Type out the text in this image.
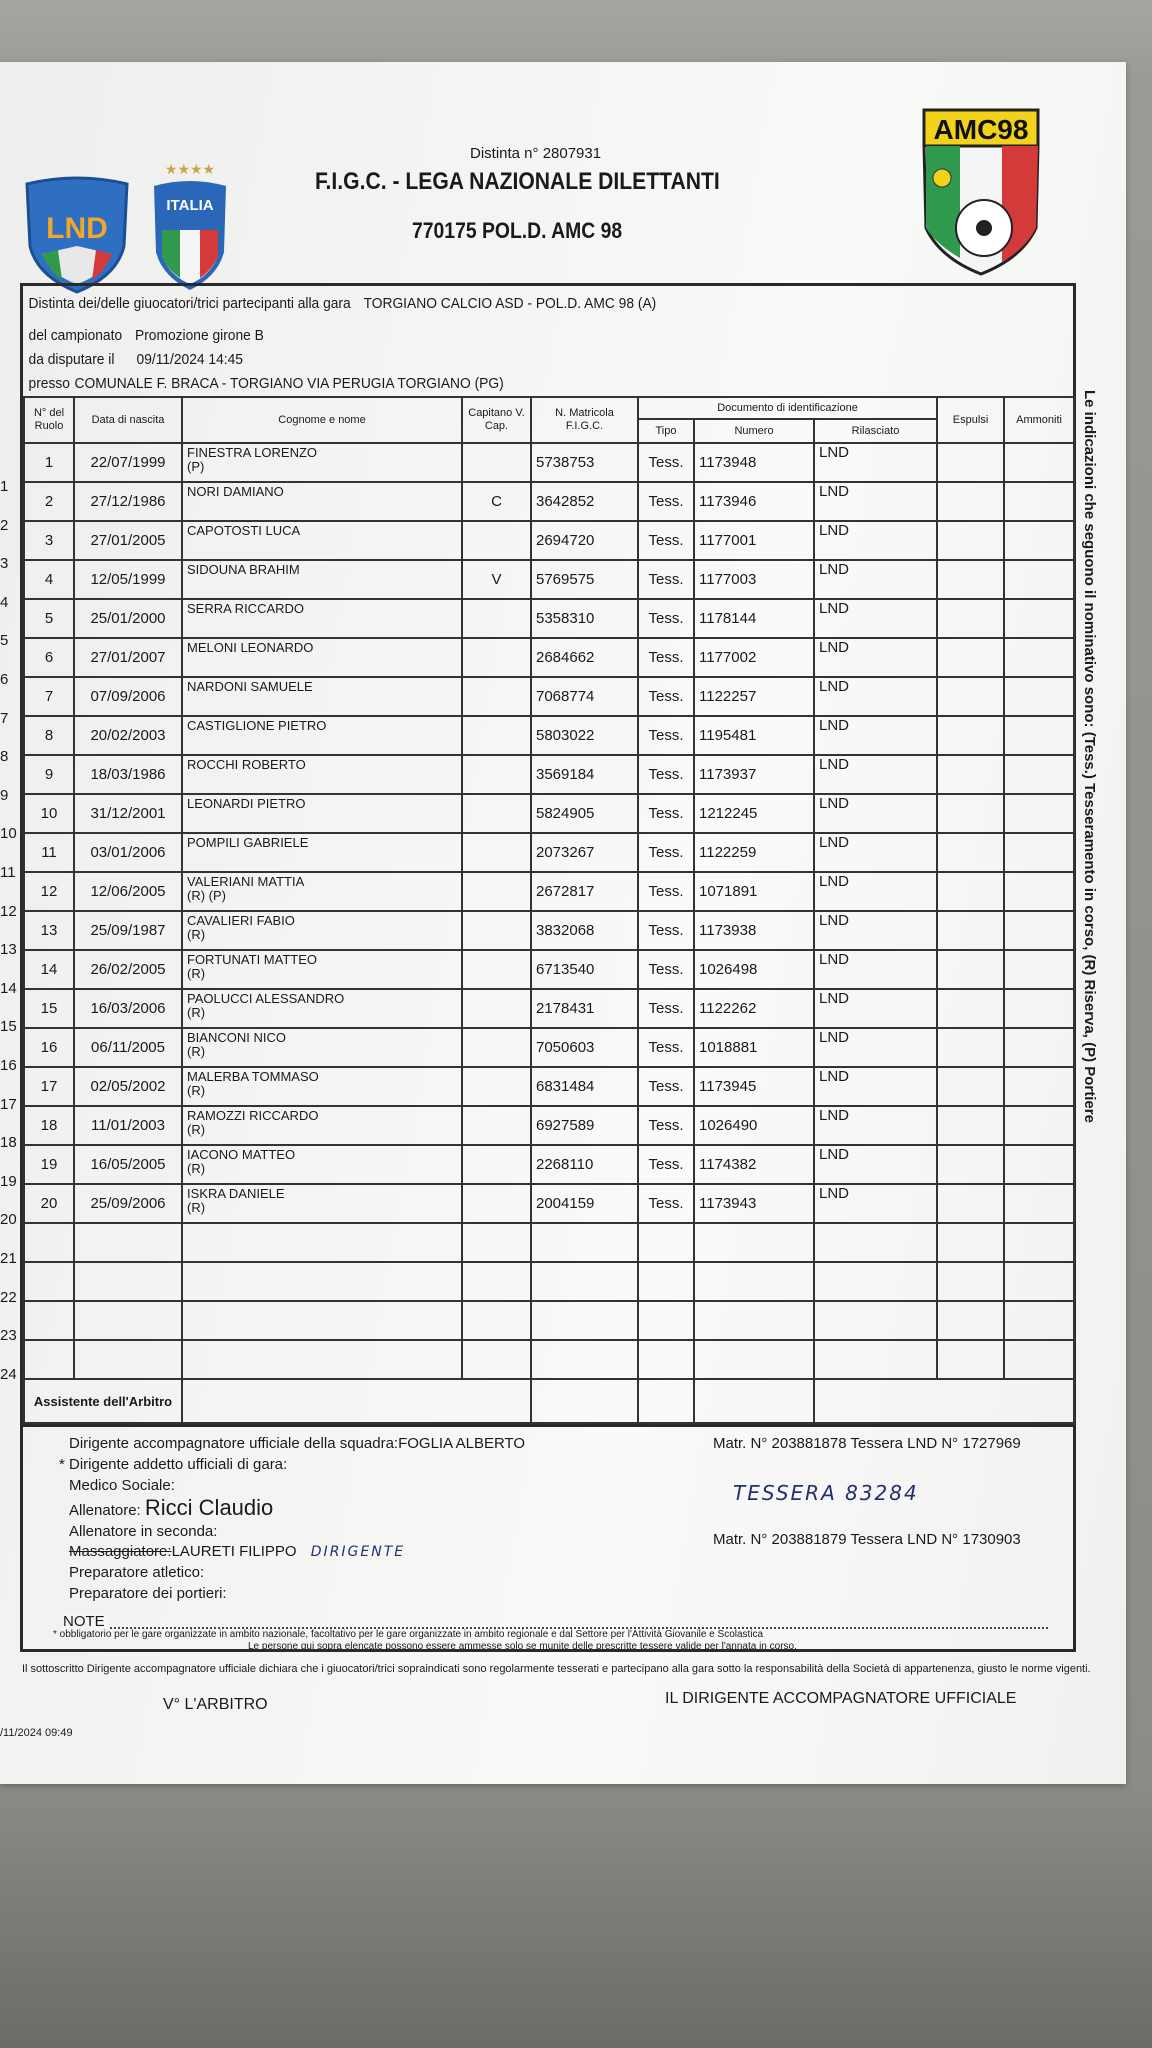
LND
★★★★
ITALIA
AMC98
Distinta n° 2807931
F.I.G.C. - LEGA NAZIONALE DILETTANTI
770175 POL.D. AMC 98
1
2
3
4
5
6
7
8
9
10
11
12
13
14
15
16
17
18
19
20
21
22
23
24
Distinta dei/delle giuocatori/trici partecipanti alla gara TORGIANO CALCIO ASD - POL.D. AMC 98 (A)
del campionato Promozione girone B
da disputare il 09/11/2024 14:45
presso COMUNALE F. BRACA - TORGIANO VIA PERUGIA TORGIANO (PG)
N° del Ruolo	Data di nascita	Cognome e nome	Capitano V. Cap.	N. Matricola F.I.G.C.	Documento di identificazione			Espulsi	Ammoniti
					Tipo	Numero	Rilasciato		
1	22/07/1999	FINESTRA LORENZO
(P)		5738753	Tess.	1173948	LND		
2	27/12/1986	NORI DAMIANO	C	3642852	Tess.	1173946	LND		
3	27/01/2005	CAPOTOSTI LUCA		2694720	Tess.	1177001	LND		
4	12/05/1999	SIDOUNA BRAHIM	V	5769575	Tess.	1177003	LND		
5	25/01/2000	SERRA RICCARDO		5358310	Tess.	1178144	LND		
6	27/01/2007	MELONI LEONARDO		2684662	Tess.	1177002	LND		
7	07/09/2006	NARDONI SAMUELE		7068774	Tess.	1122257	LND		
8	20/02/2003	CASTIGLIONE PIETRO		5803022	Tess.	1195481	LND		
9	18/03/1986	ROCCHI ROBERTO		3569184	Tess.	1173937	LND		
10	31/12/2001	LEONARDI PIETRO		5824905	Tess.	1212245	LND		
11	03/01/2006	POMPILI GABRIELE		2073267	Tess.	1122259	LND		
12	12/06/2005	VALERIANI MATTIA
(R) (P)		2672817	Tess.	1071891	LND		
13	25/09/1987	CAVALIERI FABIO
(R)		3832068	Tess.	1173938	LND		
14	26/02/2005	FORTUNATI MATTEO
(R)		6713540	Tess.	1026498	LND		
15	16/03/2006	PAOLUCCI ALESSANDRO
(R)		2178431	Tess.	1122262	LND		
16	06/11/2005	BIANCONI NICO
(R)		7050603	Tess.	1018881	LND		
17	02/05/2002	MALERBA TOMMASO
(R)		6831484	Tess.	1173945	LND		
18	11/01/2003	RAMOZZI RICCARDO
(R)		6927589	Tess.	1026490	LND		
19	16/05/2005	IACONO MATTEO
(R)		2268110	Tess.	1174382	LND		
20	25/09/2006	ISKRA DANIELE
(R)		2004159	Tess.	1173943	LND		

Assistente dell'Arbitro									
Dirigente accompagnatore ufficiale della squadra:FOGLIA ALBERTO	Matr. N° 203881878 Tessera LND N° 1727969
* Dirigente addetto ufficiali di gara:
Medico Sociale:
Allenatore: Ricci Claudio
TESSERA 83284
Allenatore in seconda:
Massaggiatore:LAURETI FILIPPO DIRIGENTE
Matr. N° 203881879 Tessera LND N° 1730903
Preparatore atletico:
Preparatore dei portieri:
NOTE
* obbligatorio per le gare organizzate in ambito nazionale, facoltativo per le gare organizzate in ambito regionale e dal Settore per l'Attività Giovanile e Scolastica
Le persone qui sopra elencate possono essere ammesse solo se munite delle prescritte tessere valide per l'annata in corso.
Le indicazioni che seguono il nominativo sono: (Tess.) Tesseramento in corso, (R) Riserva, (P) Portiere
Il sottoscritto Dirigente accompagnatore ufficiale dichiara che i giuocatori/trici sopraindicati sono regolarmente tesserati e partecipano alla gara sotto la responsabilità della Società di appartenenza, giusto le norme vigenti.
V° L'ARBITRO	IL DIRIGENTE ACCOMPAGNATORE UFFICIALE
/11/2024 09:49
